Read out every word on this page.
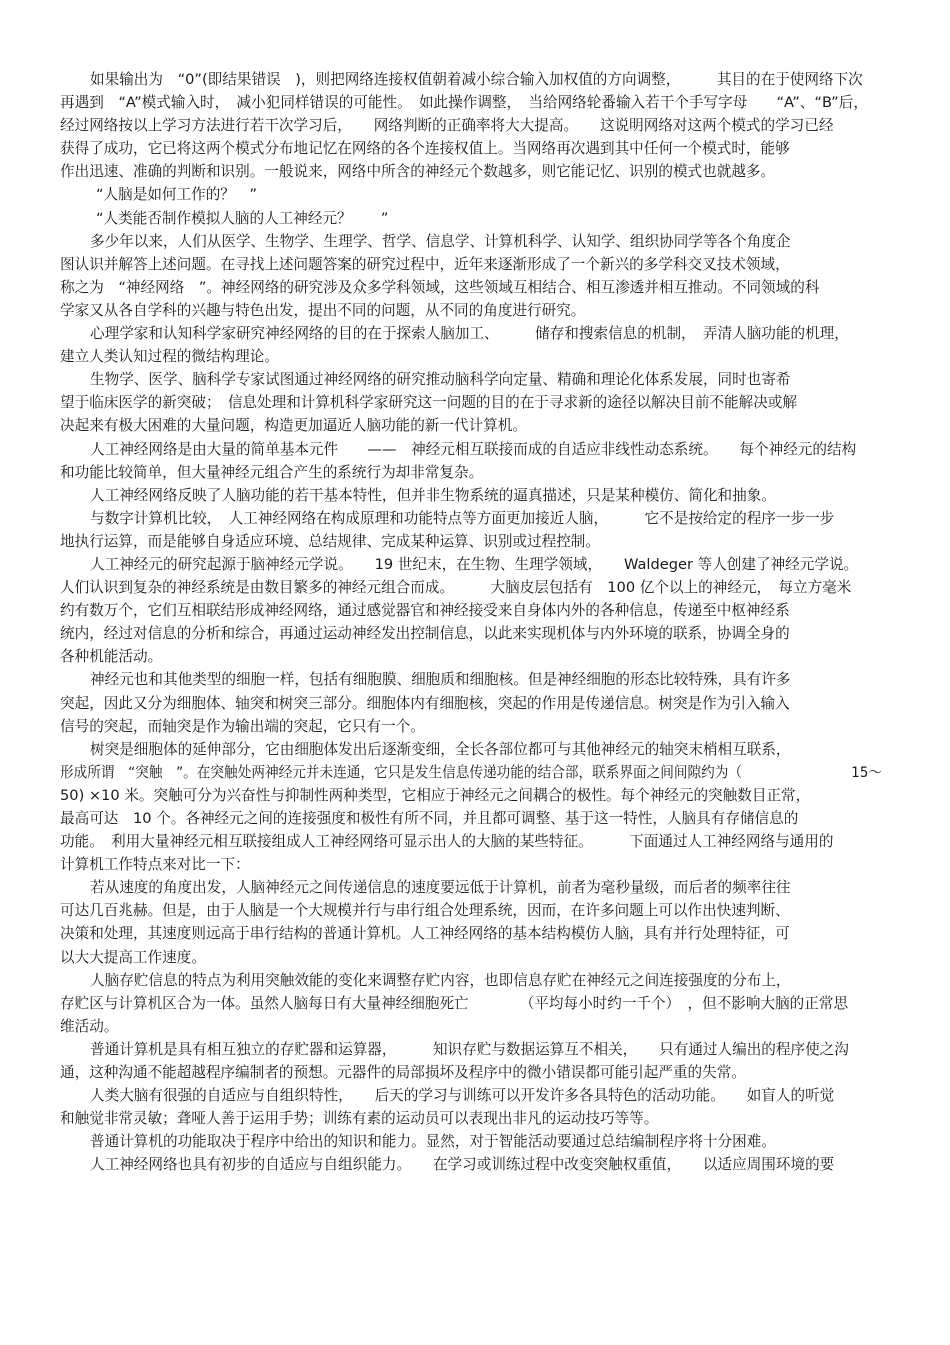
如果输出为　“0”(即结果错误　)，则把网络连接权值朝着减小综合输入加权值的方向调整，　　　其目的在于使网络下次
再遇到　“A”模式输入时，　减小犯同样错误的可能性。　如此操作调整，　当给网络轮番输入若干个手写字母　　“A”、“B”后，
经过网络按以上学习方法进行若干次学习后，　　网络判断的正确率将大大提高。　　这说明网络对这两个模式的学习已经
获得了成功，它已将这两个模式分布地记忆在网络的各个连接权值上。当网络再次遇到其中任何一个模式时，能够
作出迅速、准确的判断和识别。一般说来，网络中所含的神经元个数越多，则它能记忆、识别的模式也就越多。
“人脑是如何工作的？　”
“人类能否制作模拟人脑的人工神经元？　　”
多少年以来，人们从医学、生物学、生理学、哲学、信息学、计算机科学、认知学、组织协同学等各个角度企
图认识并解答上述问题。在寻找上述问题答案的研究过程中，近年来逐渐形成了一个新兴的多学科交叉技术领域，
称之为　“神经网络　”。神经网络的研究涉及众多学科领域，这些领域互相结合、相互渗透并相互推动。不同领域的科
学家又从各自学科的兴趣与特色出发，提出不同的问题，从不同的角度进行研究。
心理学家和认知科学家研究神经网络的目的在于探索人脑加工、　　　储存和搜索信息的机制，　弄清人脑功能的机理，
建立人类认知过程的微结构理论。
生物学、医学、脑科学专家试图通过神经网络的研究推动脑科学向定量、精确和理论化体系发展，同时也寄希
望于临床医学的新突破；　信息处理和计算机科学家研究这一问题的目的在于寻求新的途径以解决目前不能解决或解
决起来有极大困难的大量问题，构造更加逼近人脑功能的新一代计算机。
人工神经网络是由大量的简单基本元件　　——　神经元相互联接而成的自适应非线性动态系统。　　每个神经元的结构
和功能比较简单，但大量神经元组合产生的系统行为却非常复杂。
人工神经网络反映了人脑功能的若干基本特性，但并非生物系统的逼真描述，只是某种模仿、简化和抽象。
与数字计算机比较，　人工神经网络在构成原理和功能特点等方面更加接近人脑，　　　它不是按给定的程序一步一步
地执行运算，而是能够自身适应环境、总结规律、完成某种运算、识别或过程控制。
人工神经元的研究起源于脑神经元学说。　　19 世纪末，在生物、生理学领域，　　Waldeger 等人创建了神经元学说。
人们认识到复杂的神经系统是由数目繁多的神经元组合而成。　　　大脑皮层包括有　100 亿个以上的神经元，　每立方毫米
约有数万个，它们互相联结形成神经网络，通过感觉器官和神经接受来自身体内外的各种信息，传递至中枢神经系
统内，经过对信息的分析和综合，再通过运动神经发出控制信息，以此来实现机体与内外环境的联系，协调全身的
各种机能活动。
神经元也和其他类型的细胞一样，包括有细胞膜、细胞质和细胞核。但是神经细胞的形态比较特殊，具有许多
突起，因此又分为细胞体、轴突和树突三部分。细胞体内有细胞核，突起的作用是传递信息。树突是作为引入输入
信号的突起，而轴突是作为输出端的突起，它只有一个。
树突是细胞体的延伸部分，它由细胞体发出后逐渐变细，全长各部位都可与其他神经元的轴突末梢相互联系，
形成所谓　“突触　”。在突触处两神经元并未连通，它只是发生信息传递功能的结合部，联系界面之间间隙约为（　　　　　　　　15～
50) ×10 米。突触可分为兴奋性与抑制性两种类型，它相应于神经元之间耦合的极性。每个神经元的突触数目正常，
最高可达　10 个。各神经元之间的连接强度和极性有所不同，并且都可调整、基于这一特性，人脑具有存储信息的
功能。　利用大量神经元相互联接组成人工神经网络可显示出人的大脑的某些特征。　　　下面通过人工神经网络与通用的
计算机工作特点来对比一下：
若从速度的角度出发，人脑神经元之间传递信息的速度要远低于计算机，前者为毫秒量级，而后者的频率往往
可达几百兆赫。但是，由于人脑是一个大规模并行与串行组合处理系统，因而，在许多问题上可以作出快速判断、
决策和处理，其速度则远高于串行结构的普通计算机。人工神经网络的基本结构模仿人脑，具有并行处理特征，可
以大大提高工作速度。
人脑存贮信息的特点为利用突触效能的变化来调整存贮内容，也即信息存贮在神经元之间连接强度的分布上，
存贮区与计算机区合为一体。虽然人脑每日有大量神经细胞死亡　　　　（平均每小时约一千个）　，但不影响大脑的正常思
维活动。
普通计算机是具有相互独立的存贮器和运算器，　　　知识存贮与数据运算互不相关，　　只有通过人编出的程序使之沟
通，这种沟通不能超越程序编制者的预想。元器件的局部损坏及程序中的微小错误都可能引起严重的失常。
人类大脑有很强的自适应与自组织特性，　　后天的学习与训练可以开发许多各具特色的活动功能。　　如盲人的听觉
和触觉非常灵敏；聋哑人善于运用手势；训练有素的运动员可以表现出非凡的运动技巧等等。
普通计算机的功能取决于程序中给出的知识和能力。显然，对于智能活动要通过总结编制程序将十分困难。
人工神经网络也具有初步的自适应与自组织能力。　　在学习或训练过程中改变突触权重值，　　以适应周围环境的要
